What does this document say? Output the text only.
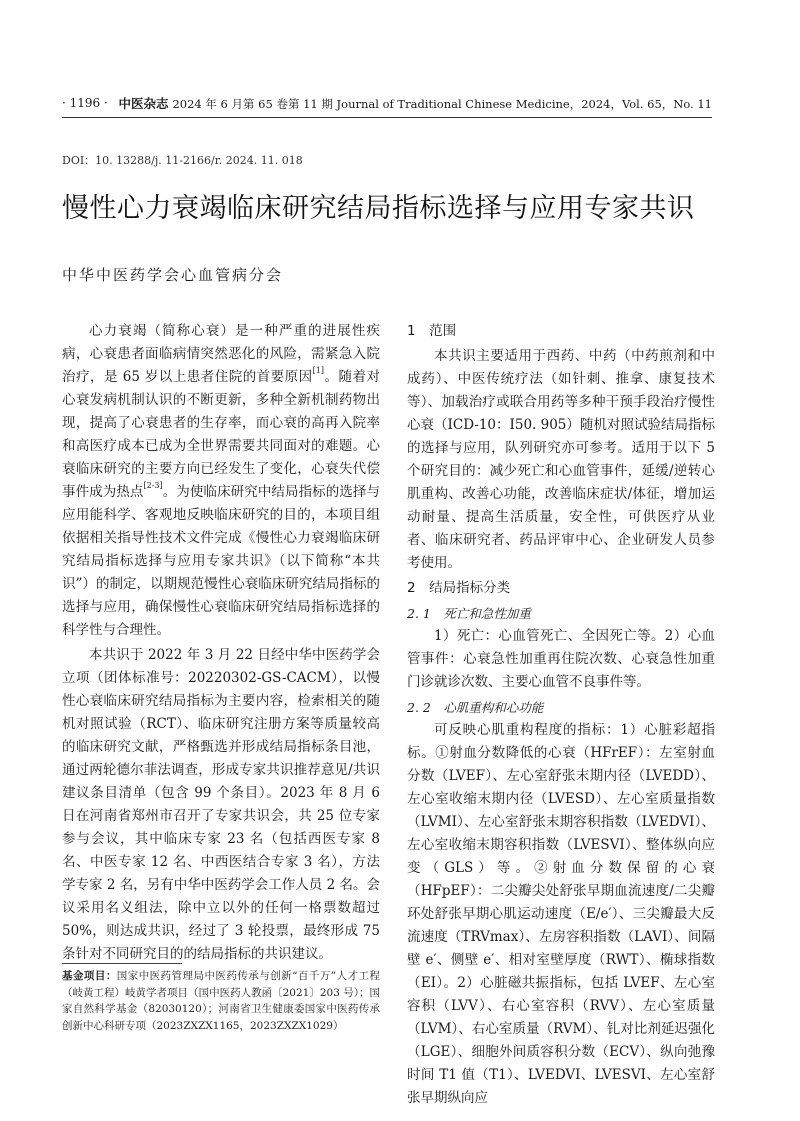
· 1196 · 中医杂志 2024 年 6 月第 65 卷第 11 期 Journal of Traditional Chinese Medicine，2024，Vol. 65，No. 11
DOI：10. 13288/j. 11-2166/r. 2024. 11. 018
慢性心力衰竭临床研究结局指标选择与应用专家共识
中华中医药学会心血管病分会

心力衰竭（简称心衰）是一种严重的进展性疾病，心衰患者面临病情突然恶化的风险，需紧急入院治疗，是 65 岁以上患者住院的首要原因[1]。随着对心衰发病机制认识的不断更新，多种全新机制药物出现，提高了心衰患者的生存率，而心衰的高再入院率和高医疗成本已成为全世界需要共同面对的难题。心衰临床研究的主要方向已经发生了变化，心衰失代偿事件成为热点[2-3]。为使临床研究中结局指标的选择与应用能科学、客观地反映临床研究的目的，本项目组依据相关指导性技术文件完成《慢性心力衰竭临床研究结局指标选择与应用专家共识》（以下简称“本共识”）的制定，以期规范慢性心衰临床研究结局指标的选择与应用，确保慢性心衰临床研究结局指标选择的科学性与合理性。

本共识于 2022 年 3 月 22 日经中华中医药学会立项（团体标准号：20220302-GS-CACM），以慢性心衰临床研究结局指标为主要内容，检索相关的随机对照试验（RCT）、临床研究注册方案等质量较高的临床研究文献，严格甄选并形成结局指标条目池，通过两轮德尔菲法调查，形成专家共识推荐意见/共识建议条目清单（包含 99 个条目）。2023 年 8 月 6 日在河南省郑州市召开了专家共识会，共 25 位专家参与会议，其中临床专家 23 名（包括西医专家 8 名、中医专家 12 名、中西医结合专家 3 名），方法学专家 2 名，另有中华中医药学会工作人员 2 名。会议采用名义组法，除中立以外的任何一格票数超过 50%，则达成共识，经过了 3 轮投票，最终形成 75 条针对不同研究目的的结局指标的共识建议。

基金项目：国家中医药管理局中医药传承与创新“百千万”人才工程（岐黄工程）岐黄学者项目（国中医药人教函〔2021〕203 号）；国家自然科学基金（82030120）；河南省卫生健康委国家中医药传承创新中心科研专项（2023ZXZX1165，2023ZXZX1029）
1　范围

本共识主要适用于西药、中药（中药煎剂和中成药）、中医传统疗法（如针刺、推拿、康复技术等）、加载治疗或联合用药等多种干预手段治疗慢性心衰（ICD-10：I50. 905）随机对照试验结局指标的选择与应用，队列研究亦可参考。适用于以下 5 个研究目的：减少死亡和心血管事件，延缓/逆转心肌重构、改善心功能，改善临床症状/体征，增加运动耐量、提高生活质量，安全性，可供医疗从业者、临床研究者、药品评审中心、企业研发人员参考使用。

2　结局指标分类
2. 1　死亡和急性加重

1）死亡：心血管死亡、全因死亡等。2）心血管事件：心衰急性加重再住院次数、心衰急性加重门诊就诊次数、主要心血管不良事件等。

2. 2　心肌重构和心功能

可反映心肌重构程度的指标：1）心脏彩超指标。①射血分数降低的心衰（HFrEF）：左室射血分数（LVEF）、左心室舒张末期内径（LVEDD）、左心室收缩末期内径（LVESD）、左心室质量指数（LVMI）、左心室舒张末期容积指数（LVEDVI）、左心室收缩末期容积指数（LVESVI）、整体纵向应变（GLS）等。②射血分数保留的心衰（HFpEF）：二尖瓣尖处舒张早期血流速度/二尖瓣环处舒张早期心肌运动速度（E/e′）、三尖瓣最大反流速度（TRVmax）、左房容积指数（LAVI）、间隔壁 e′、侧壁 e′、相对室壁厚度（RWT）、椭球指数（EI）。2）心脏磁共振指标，包括 LVEF、左心室容积（LVV）、右心室容积（RVV）、左心室质量（LVM）、右心室质量（RVM）、钆对比剂延迟强化（LGE）、细胞外间质容积分数（ECV）、纵向弛豫时间 T1 值（T1）、LVEDVI、LVESVI、左心室舒张早期纵向应
